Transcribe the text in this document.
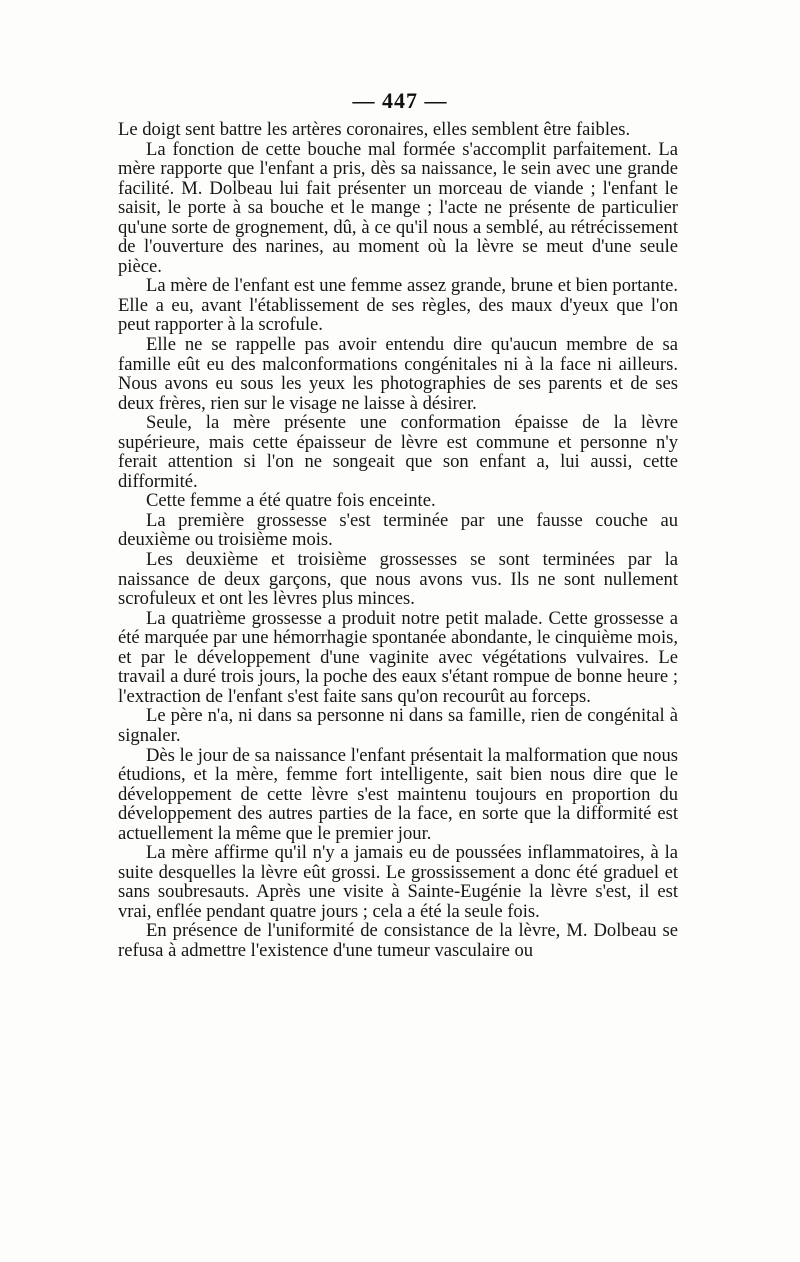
— 447 —

Le doigt sent battre les artères coronaires, elles semblent être faibles.

La fonction de cette bouche mal formée s'accomplit parfaitement. La mère rapporte que l'enfant a pris, dès sa naissance, le sein avec une grande facilité. M. Dolbeau lui fait présenter un morceau de viande ; l'enfant le saisit, le porte à sa bouche et le mange ; l'acte ne présente de particulier qu'une sorte de grognement, dû, à ce qu'il nous a semblé, au rétrécissement de l'ouverture des narines, au moment où la lèvre se meut d'une seule pièce.

La mère de l'enfant est une femme assez grande, brune et bien portante. Elle a eu, avant l'établissement de ses règles, des maux d'yeux que l'on peut rapporter à la scrofule.

Elle ne se rappelle pas avoir entendu dire qu'aucun membre de sa famille eût eu des malconformations congénitales ni à la face ni ailleurs. Nous avons eu sous les yeux les photographies de ses parents et de ses deux frères, rien sur le visage ne laisse à désirer.

Seule, la mère présente une conformation épaisse de la lèvre supérieure, mais cette épaisseur de lèvre est commune et personne n'y ferait attention si l'on ne songeait que son enfant a, lui aussi, cette difformité.

Cette femme a été quatre fois enceinte.

La première grossesse s'est terminée par une fausse couche au deuxième ou troisième mois.

Les deuxième et troisième grossesses se sont terminées par la naissance de deux garçons, que nous avons vus. Ils ne sont nullement scrofuleux et ont les lèvres plus minces.

La quatrième grossesse a produit notre petit malade. Cette grossesse a été marquée par une hémorrhagie spontanée abondante, le cinquième mois, et par le développement d'une vaginite avec végétations vulvaires. Le travail a duré trois jours, la poche des eaux s'étant rompue de bonne heure ; l'extraction de l'enfant s'est faite sans qu'on recourût au forceps.

Le père n'a, ni dans sa personne ni dans sa famille, rien de congénital à signaler.

Dès le jour de sa naissance l'enfant présentait la malformation que nous étudions, et la mère, femme fort intelligente, sait bien nous dire que le développement de cette lèvre s'est maintenu toujours en proportion du développement des autres parties de la face, en sorte que la difformité est actuellement la même que le premier jour.

La mère affirme qu'il n'y a jamais eu de poussées inflammatoires, à la suite desquelles la lèvre eût grossi. Le grossissement a donc été graduel et sans soubresauts. Après une visite à Sainte-Eugénie la lèvre s'est, il est vrai, enflée pendant quatre jours ; cela a été la seule fois.

En présence de l'uniformité de consistance de la lèvre, M. Dolbeau se refusa à admettre l'existence d'une tumeur vasculaire ou
